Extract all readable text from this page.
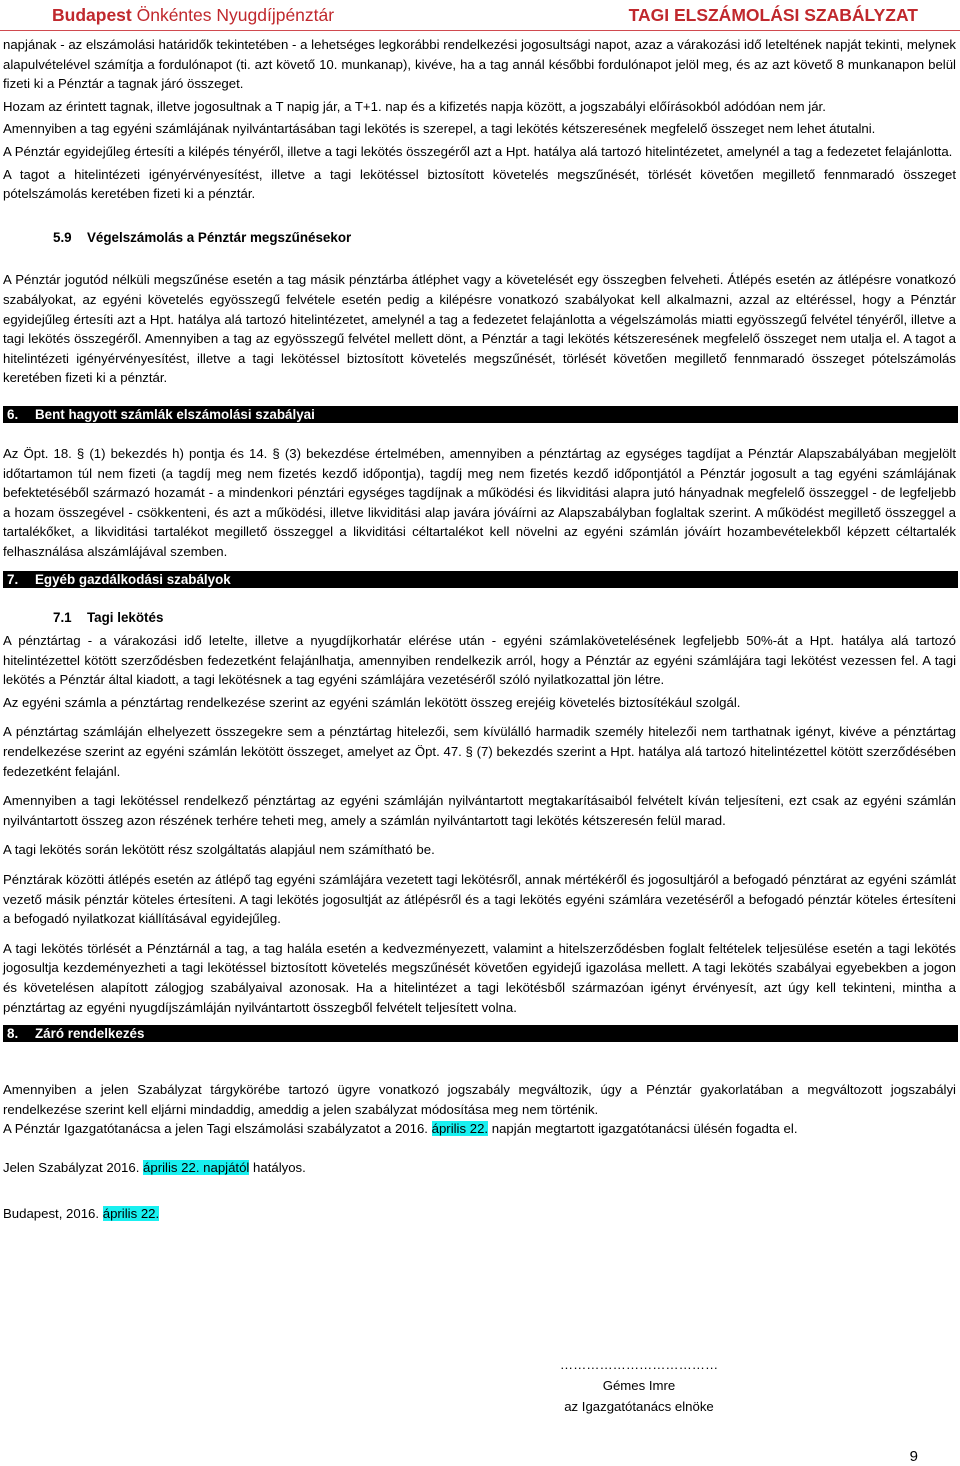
Budapest Önkéntes Nyugdíjpénztár	TAGI ELSZÁMOLÁSI SZABÁLYZAT

napjának - az elszámolási határidők tekintetében - a lehetséges legkorábbi rendelkezési jogosultsági napot, azaz a várakozási idő leteltének napját tekinti, melynek alapulvételével számítja a fordulónapot (ti. azt követő 10. munkanap), kivéve, ha a tag annál későbbi fordulónapot jelöl meg, és az azt követő 8 munkanapon belül fizeti ki a Pénztár a tagnak járó összeget.

Hozam az érintett tagnak, illetve jogosultnak a T napig jár, a T+1. nap és a kifizetés napja között, a jogszabályi előírásokból adódóan nem jár.

Amennyiben a tag egyéni számlájának nyilvántartásában tagi lekötés is szerepel, a tagi lekötés kétszeresének megfelelő összeget nem lehet átutalni.

A Pénztár egyidejűleg értesíti a kilépés tényéről, illetve a tagi lekötés összegéről azt a Hpt. hatálya alá tartozó hitelintézetet, amelynél a tag a fedezetet felajánlotta.

A tagot a hitelintézeti igényérvényesítést, illetve a tagi lekötéssel biztosított követelés megszűnését, törlését követően megillető fennmaradó összeget pótelszámolás keretében fizeti ki a pénztár.

5.9	Végelszámolás a Pénztár megszűnésekor

A Pénztár jogutód nélküli megszűnése esetén a tag másik pénztárba átléphet vagy a követelését egy összegben felveheti. Átlépés esetén az átlépésre vonatkozó szabályokat, az egyéni követelés egyösszegű felvétele esetén pedig a kilépésre vonatkozó szabályokat kell alkalmazni, azzal az eltéréssel, hogy a Pénztár egyidejűleg értesíti azt a Hpt. hatálya alá tartozó hitelintézetet, amelynél a tag a fedezetet felajánlotta a végelszámolás miatti egyösszegű felvétel tényéről, illetve a tagi lekötés összegéről. Amennyiben a tag az egyösszegű felvétel mellett dönt, a Pénztár a tagi lekötés kétszeresének megfelelő összeget nem utalja el. A tagot a hitelintézeti igényérvényesítést, illetve a tagi lekötéssel biztosított követelés megszűnését, törlését követően megillető fennmaradó összeget pótelszámolás keretében fizeti ki a pénztár.

6.	Bent hagyott számlák elszámolási szabályai

Az Öpt. 18. § (1) bekezdés h) pontja és 14. § (3) bekezdése értelmében, amennyiben a pénztártag az egységes tagdíjat a Pénztár Alapszabályában megjelölt időtartamon túl nem fizeti (a tagdíj meg nem fizetés kezdő időpontja), tagdíj meg nem fizetés kezdő időpontjától a Pénztár jogosult a tag egyéni számlájának befektetéséből származó hozamát - a mindenkori pénztári egységes tagdíjnak a működési és likviditási alapra jutó hányadnak megfelelő összeggel - de legfeljebb a hozam összegével - csökkenteni, és azt a működési, illetve likviditási alap javára jóváírni az Alapszabályban foglaltak szerint. A működést megillető összeggel a tartalékőket, a likviditási tartalékot megillető összeggel a likviditási céltartalékot kell növelni az egyéni számlán jóváírt hozambevételekből képzett céltartalék felhasználása alszámlájával szemben.

7.	Egyéb gazdálkodási szabályok
7.1	Tagi lekötés

A pénztártag - a várakozási idő letelte, illetve a nyugdíjkorhatár elérése után - egyéni számlakövetelésének legfeljebb 50%-át a Hpt. hatálya alá tartozó hitelintézettel kötött szerződésben fedezetként felajánlhatja, amennyiben rendelkezik arról, hogy a Pénztár az egyéni számlájára tagi lekötést vezessen fel. A tagi lekötés a Pénztár által kiadott, a tagi lekötésnek a tag egyéni számlájára vezetéséről szóló nyilatkozattal jön létre.

Az egyéni számla a pénztártag rendelkezése szerint az egyéni számlán lekötött összeg erejéig követelés biztosítékául szolgál.

A pénztártag számláján elhelyezett összegekre sem a pénztártag hitelezői, sem kívülálló harmadik személy hitelezői nem tarthatnak igényt, kivéve a pénztártag rendelkezése szerint az egyéni számlán lekötött összeget, amelyet az Öpt. 47. § (7) bekezdés szerint a Hpt. hatálya alá tartozó hitelintézettel kötött szerződésében fedezetként felajánl.

Amennyiben a tagi lekötéssel rendelkező pénztártag az egyéni számláján nyilvántartott megtakarításaiból felvételt kíván teljesíteni, ezt csak az egyéni számlán nyilvántartott összeg azon részének terhére teheti meg, amely a számlán nyilvántartott tagi lekötés kétszeresén felül marad.

A tagi lekötés során lekötött rész szolgáltatás alapjául nem számítható be.

Pénztárak közötti átlépés esetén az átlépő tag egyéni számlájára vezetett tagi lekötésről, annak mértékéről és jogosultjáról a befogadó pénztárat az egyéni számlát vezető másik pénztár köteles értesíteni. A tagi lekötés jogosultját az átlépésről és a tagi lekötés egyéni számlára vezetéséről a befogadó pénztár köteles értesíteni a befogadó nyilatkozat kiállításával egyidejűleg.

A tagi lekötés törlését a Pénztárnál a tag, a tag halála esetén a kedvezményezett, valamint a hitelszerződésben foglalt feltételek teljesülése esetén a tagi lekötés jogosultja kezdeményezheti a tagi lekötéssel biztosított követelés megszűnését követően egyidejű igazolása mellett. A tagi lekötés szabályai egyebekben a jogon és követelésen alapított zálogjog szabályaival azonosak. Ha a hitelintézet a tagi lekötésből származóan igényt érvényesít, azt úgy kell tekinteni, mintha a pénztártag az egyéni nyugdíjszámláján nyilvántartott összegből felvételt teljesített volna.

8.	Záró rendelkezés

Amennyiben a jelen Szabályzat tárgykörébe tartozó ügyre vonatkozó jogszabály megváltozik, úgy a Pénztár gyakorlatában a megváltozott jogszabályi rendelkezése szerint kell eljárni mindaddig, ameddig a jelen szabályzat módosítása meg nem történik.

A Pénztár Igazgatótanácsa a jelen Tagi elszámolási szabályzatot a 2016. április 22. napján megtartott igazgatótanácsi ülésén fogadta el.

Jelen Szabályzat 2016. április 22. napjától hatályos.

Budapest, 2016. április 22.

………………………………
Gémes Imre
az Igazgatótanács elnöke
9
